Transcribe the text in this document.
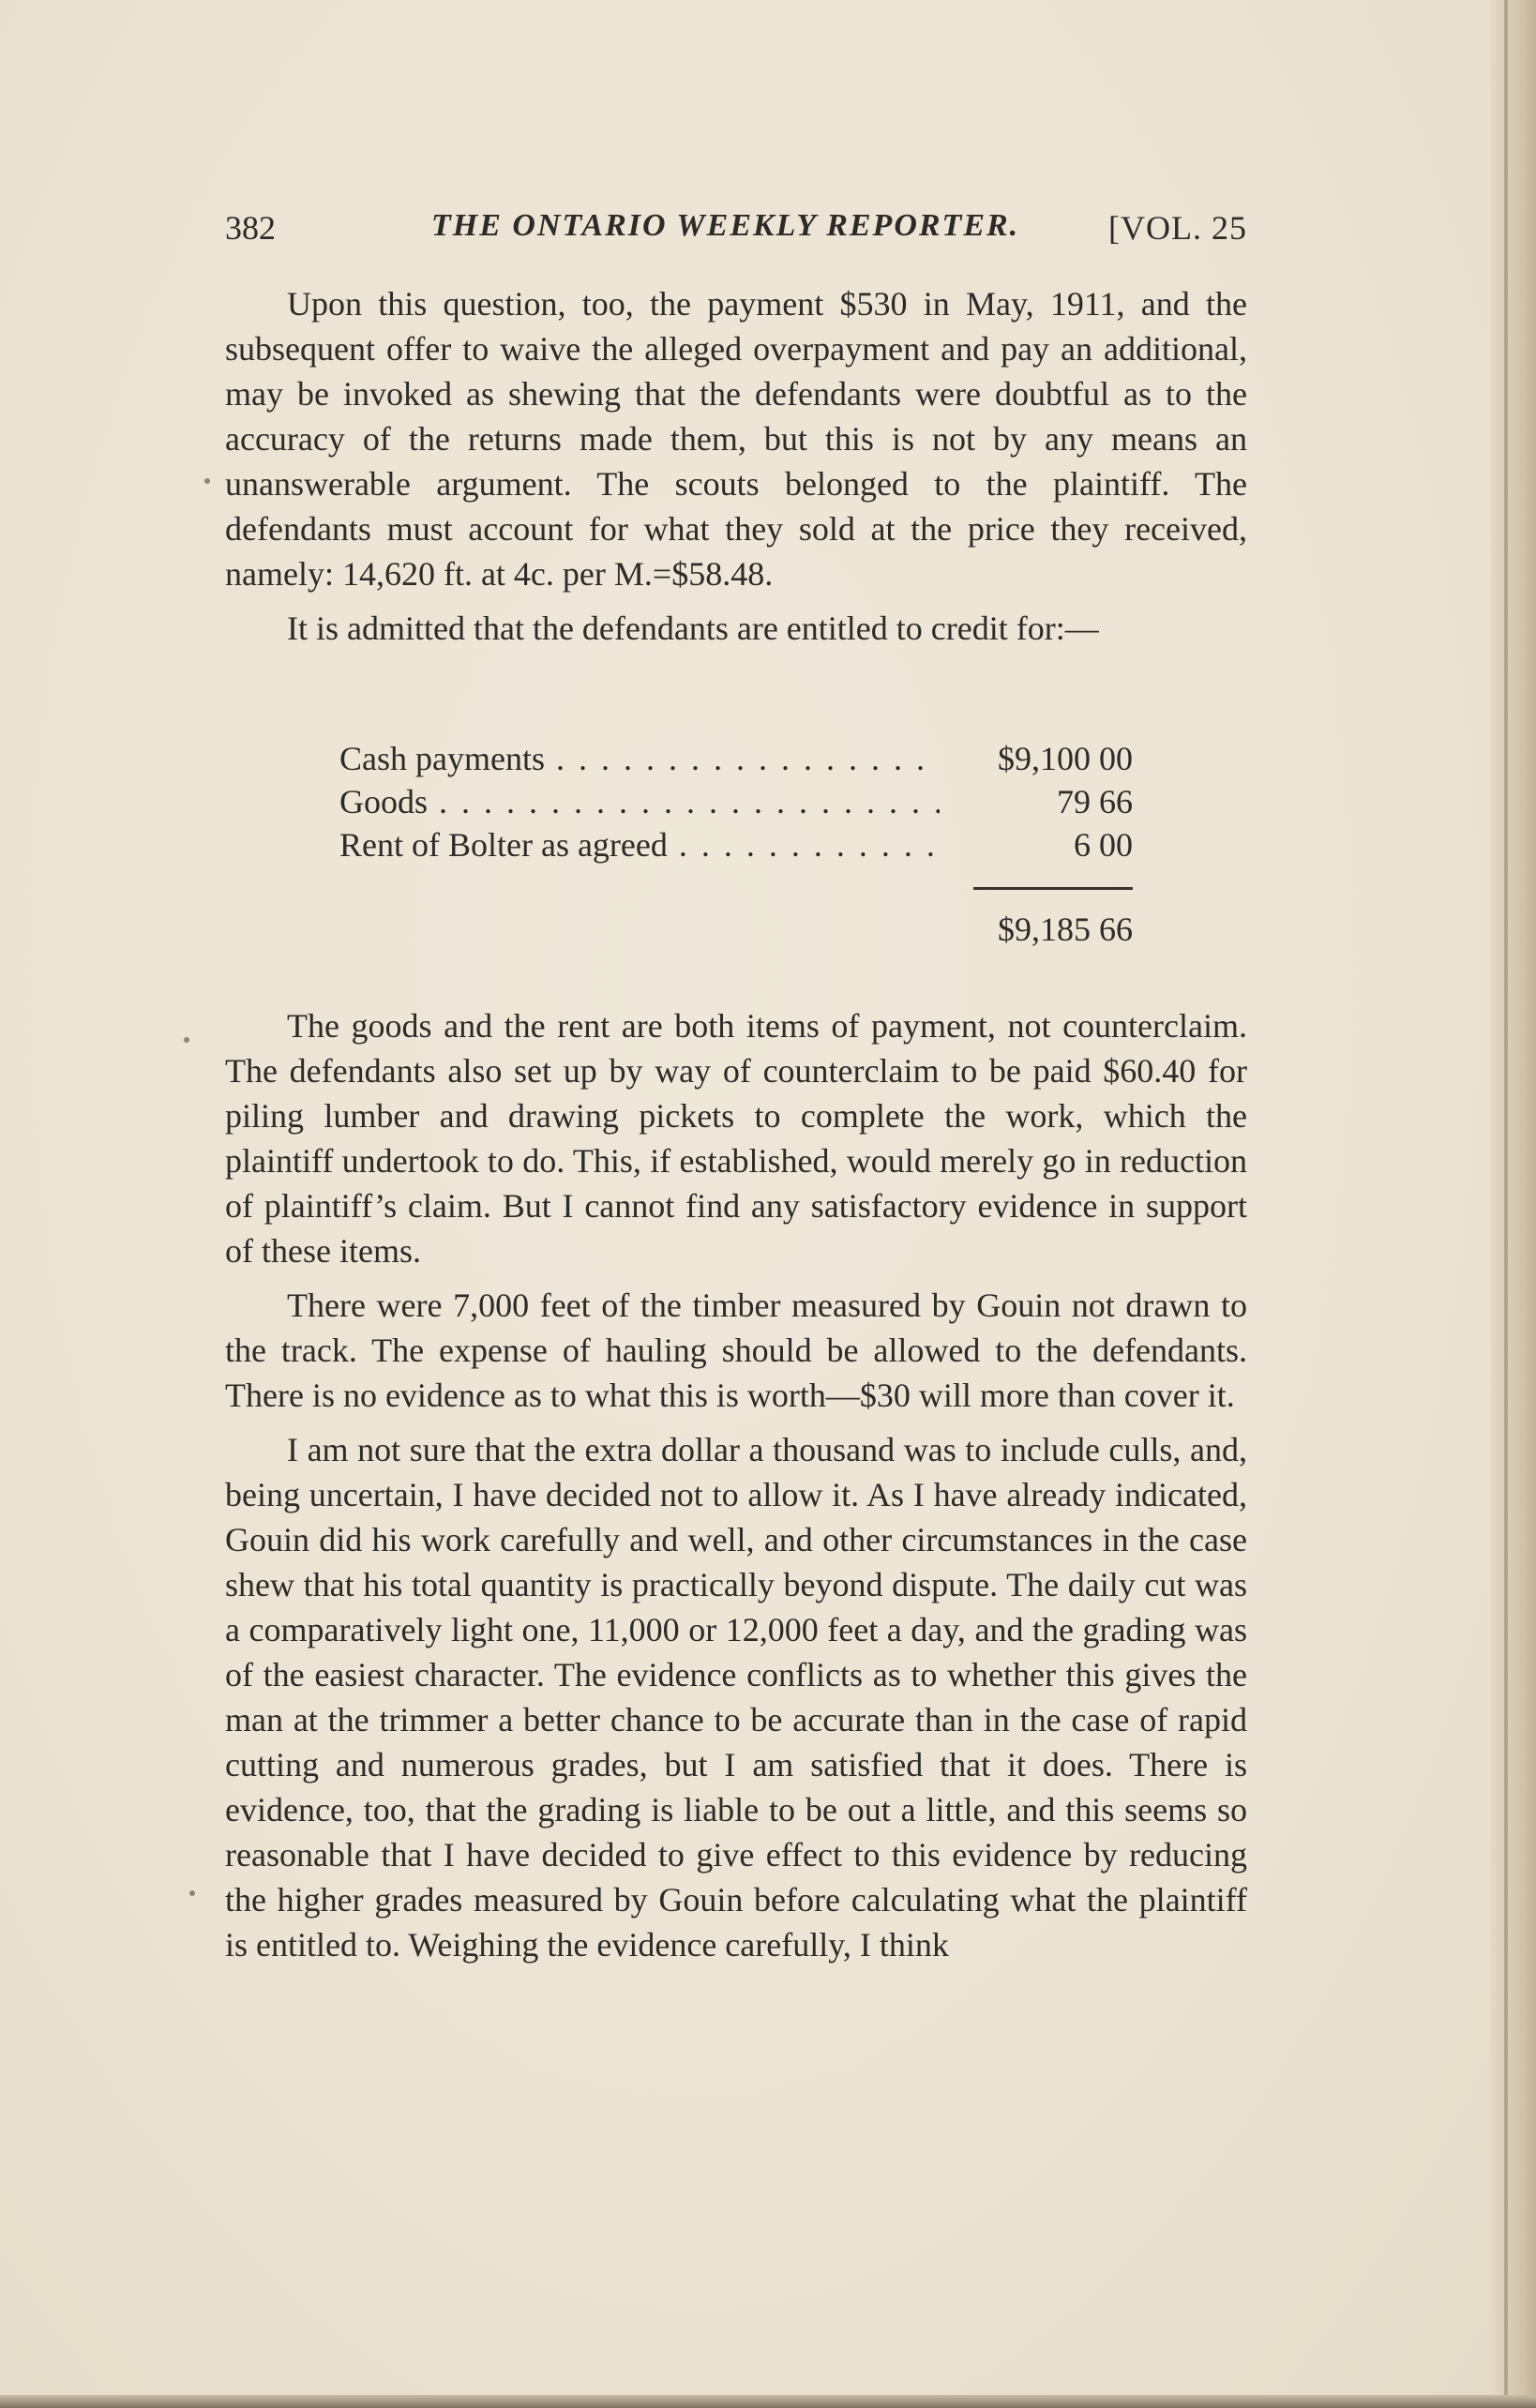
382	THE ONTARIO WEEKLY REPORTER.	[VOL. 25

Upon this question, too, the payment $530 in May, 1911, and the subsequent offer to waive the alleged overpayment and pay an additional, may be invoked as shewing that the defendants were doubtful as to the accuracy of the returns made them, but this is not by any means an unanswerable argument. The scouts belonged to the plaintiff. The defendants must account for what they sold at the price they received, namely: 14,620 ft. at 4c. per M.=$58.48.

It is admitted that the defendants are entitled to credit for:—

Cash payments . . .	$9,100 00
Goods . . .	79 66
Rent of Bolter as agreed . . .	6 00
$9,185 66

The goods and the rent are both items of payment, not counterclaim. The defendants also set up by way of counterclaim to be paid $60.40 for piling lumber and drawing pickets to complete the work, which the plaintiff undertook to do. This, if established, would merely go in reduction of plaintiff’s claim. But I cannot find any satisfactory evidence in support of these items.

There were 7,000 feet of the timber measured by Gouin not drawn to the track. The expense of hauling should be allowed to the defendants. There is no evidence as to what this is worth—$30 will more than cover it.

I am not sure that the extra dollar a thousand was to include culls, and, being uncertain, I have decided not to allow it. As I have already indicated, Gouin did his work carefully and well, and other circumstances in the case shew that his total quantity is practically beyond dispute. The daily cut was a comparatively light one, 11,000 or 12,000 feet a day, and the grading was of the easiest character. The evidence conflicts as to whether this gives the man at the trimmer a better chance to be accurate than in the case of rapid cutting and numerous grades, but I am satisfied that it does. There is evidence, too, that the grading is liable to be out a little, and this seems so reasonable that I have decided to give effect to this evidence by reducing the higher grades measured by Gouin before calculating what the plaintiff is entitled to. Weighing the evidence carefully, I think
